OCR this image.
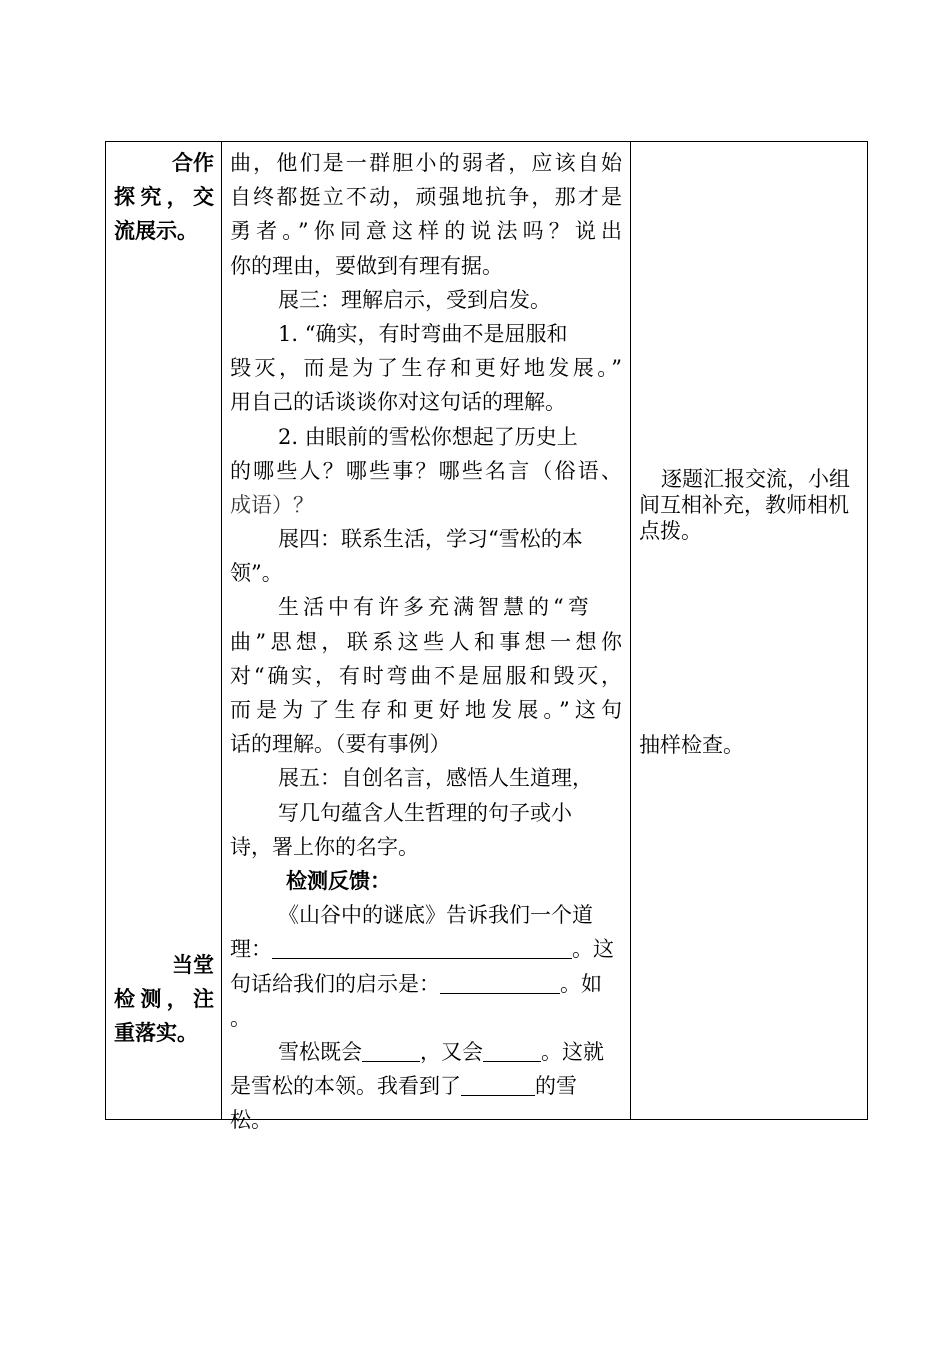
合作
探究，交
流展示。
当堂
检测，注
重落实。

曲，他们是一群胆小的弱者，应该自始
自终都挺立不动，顽强地抗争，那才是
勇者。”你同意这样的说法吗？说出
你的理由，要做到有理有据。
展三：理解启示，受到启发。
1. “确实，有时弯曲不是屈服和
毁灭，而是为了生存和更好地发展。”
用自己的话谈谈你对这句话的理解。
2. 由眼前的雪松你想起了历史上
的哪些人？哪些事？哪些名言（俗语、
成语）？
展四：联系生活，学习“雪松的本
领”。
生活中有许多充满智慧的“弯
曲”思想，联系这些人和事想一想你
对“确实，有时弯曲不是屈服和毁灭，
而是为了生存和更好地发展。”这句
话的理解。（要有事例）
展五：自创名言，感悟人生道理，
写几句蕴含人生哲理的句子或小
诗，署上你的名字。
检测反馈：
《山谷中的谜底》告诉我们一个道
理：	。这
句话给我们的启示是：	。如
。
雪松既会	，又会	。这就
是雪松的本领。我看到了	的雪
松。

逐题汇报交流，小组间互相补充，教师相机点拨。
抽样检查。
